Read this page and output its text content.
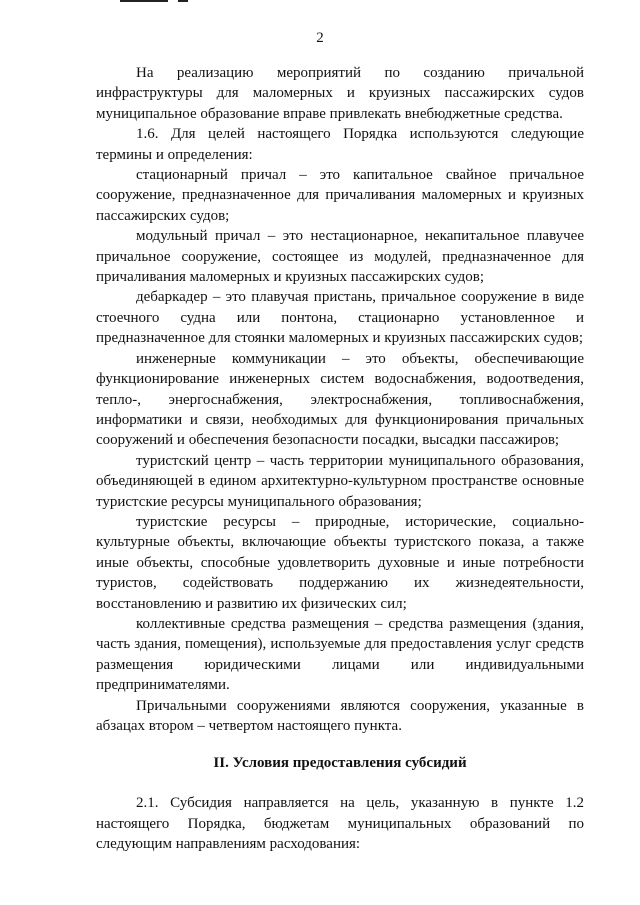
2

На реализацию мероприятий по созданию причальной инфраструктуры для маломерных и круизных пассажирских судов муниципальное образование вправе привлекать внебюджетные средства.

1.6. Для целей настоящего Порядка используются следующие термины и определения:

стационарный причал – это капитальное свайное причальное сооружение, предназначенное для причаливания маломерных и круизных пассажирских судов;

модульный причал – это нестационарное, некапитальное плавучее причальное сооружение, состоящее из модулей, предназначенное для причаливания маломерных и круизных пассажирских судов;

дебаркадер – это плавучая пристань, причальное сооружение в виде стоечного судна или понтона, стационарно установленное и предназначенное для стоянки маломерных и круизных пассажирских судов;

инженерные коммуникации – это объекты, обеспечивающие функционирование инженерных систем водоснабжения, водоотведения, тепло-, энергоснабжения, электроснабжения, топливоснабжения, информатики и связи, необходимых для функционирования причальных сооружений и обеспечения безопасности посадки, высадки пассажиров;

туристский центр – часть территории муниципального образования, объединяющей в едином архитектурно-культурном пространстве основные туристские ресурсы муниципального образования;

туристские ресурсы – природные, исторические, социально-культурные объекты, включающие объекты туристского показа, а также иные объекты, способные удовлетворить духовные и иные потребности туристов, содействовать поддержанию их жизнедеятельности, восстановлению и развитию их физических сил;

коллективные средства размещения – средства размещения (здания, часть здания, помещения), используемые для предоставления услуг средств размещения юридическими лицами или индивидуальными предпринимателями.

Причальными сооружениями являются сооружения, указанные в абзацах втором – четвертом настоящего пункта.

II. Условия предоставления субсидий

2.1. Субсидия направляется на цель, указанную в пункте 1.2 настоящего Порядка, бюджетам муниципальных образований по следующим направлениям расходования:
